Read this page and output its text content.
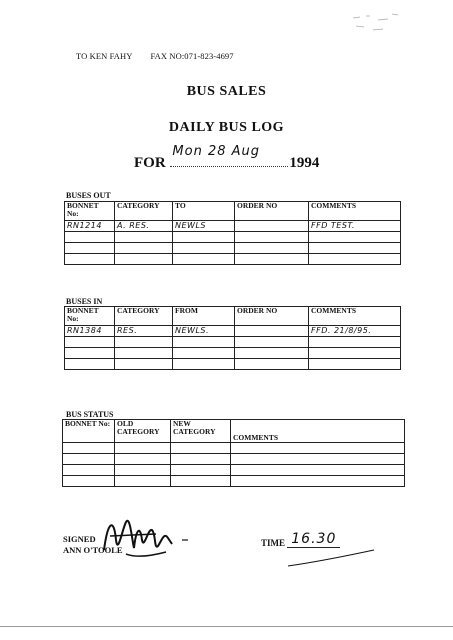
TO KEN FAHY FAX NO:071-823-4697
BUS SALES
DAILY BUS LOG
FOR
Mon 28 Aug
1994
BUSES OUT
BONNET No:	CATEGORY	TO	ORDER NO	COMMENTS
RN1214	A. RES.	NEWLS		FFD TEST.

BUSES IN
BONNET No:	CATEGORY	FROM	ORDER NO	COMMENTS
RN1384	RES.	NEWLS.		FFD. 21/8/95.

BUS STATUS
BONNET No:	OLD CATEGORY	NEW CATEGORY	COMMENTS

SIGNED
ANN O'TOOLE
TIME 16.30
